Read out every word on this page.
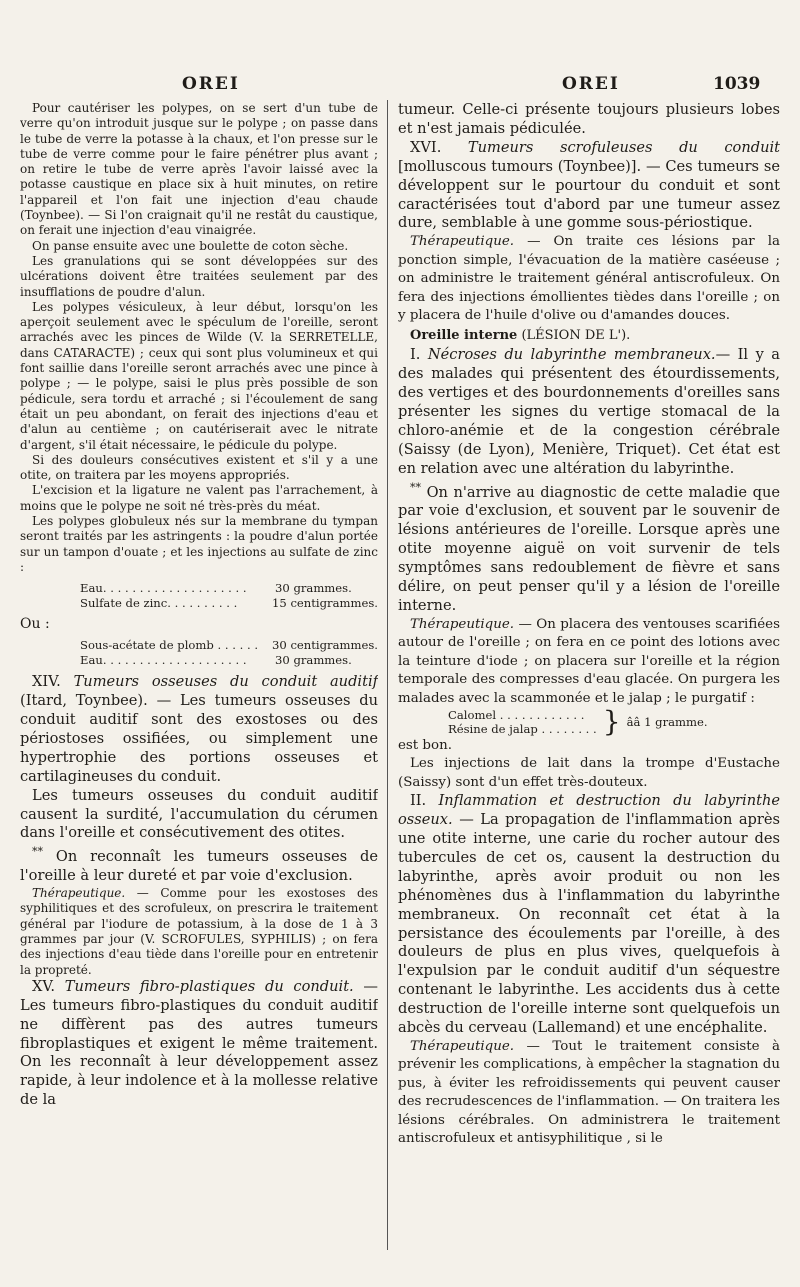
OREI	OREI	1039

Pour cautériser les polypes, on se sert d'un tube de verre qu'on introduit jusque sur le polype ; on passe dans le tube de verre la potasse à la chaux, et l'on presse sur le tube de verre comme pour le faire pénétrer plus avant ; on retire le tube de verre après l'avoir laissé avec la potasse caustique en place six à huit minutes, on retire l'appareil et l'on fait une injection d'eau chaude (Toynbee). — Si l'on craignait qu'il ne restât du caustique, on ferait une injection d'eau vinaigrée.

On panse ensuite avec une boulette de coton sèche.

Les granulations qui se sont développées sur des ulcérations doivent être traitées seulement par des insufflations de poudre d'alun.

Les polypes vésiculeux, à leur début, lorsqu'on les aperçoit seulement avec le spéculum de l'oreille, seront arrachés avec les pinces de Wilde (V. la SERRETELLE, dans CATARACTE) ; ceux qui sont plus volumineux et qui font saillie dans l'oreille seront arrachés avec une pince à polype ; — le polype, saisi le plus près possible de son pédicule, sera tordu et arraché ; si l'écoulement de sang était un peu abondant, on ferait des injections d'eau et d'alun au centième ; on cautériserait avec le nitrate d'argent, s'il était nécessaire, le pédicule du polype.

Si des douleurs consécutives existent et s'il y a une otite, on traitera par les moyens appropriés.

L'excision et la ligature ne valent pas l'arrachement, à moins que le polype ne soit né très-près du méat.

Les polypes globuleux nés sur la membrane du tympan seront traités par les astringents : la poudre d'alun portée sur un tampon d'ouate ; et les injections au sulfate de zinc :

Eau. . . . . . . . . . . . . . . . . . . .	30 grammes.
Sulfate de zinc. . . . . . . . . .	15 centigrammes.
Ou :
Sous-acétate de plomb . . . . . .	30 centigrammes.
Eau. . . . . . . . . . . . . . . . . . . .	30 grammes.

XIV. Tumeurs osseuses du conduit auditif (Itard, Toynbee). — Les tumeurs osseuses du conduit auditif sont des exostoses ou des périostoses ossifiées, ou simplement une hypertrophie des portions osseuses et cartilagineuses du conduit.

Les tumeurs osseuses du conduit auditif causent la surdité, l'accumulation du cérumen dans l'oreille et consécutivement des otites.

** On reconnaît les tumeurs osseuses de l'oreille à leur dureté et par voie d'exclusion.

Thérapeutique. — Comme pour les exostoses des syphilitiques et des scrofuleux, on prescrira le traitement général par l'iodure de potassium, à la dose de 1 à 3 grammes par jour (V. SCROFULES, SYPHILIS) ; on fera des injections d'eau tiède dans l'oreille pour en entretenir la propreté.

XV. Tumeurs fibro-plastiques du conduit. — Les tumeurs fibro-plastiques du conduit auditif ne diffèrent pas des autres tumeurs fibroplastiques et exigent le même traitement. On les reconnaît à leur développement assez rapide, à leur indolence et à la mollesse relative de la

tumeur. Celle-ci présente toujours plusieurs lobes et n'est jamais pédiculée.

XVI. Tumeurs scrofuleuses du conduit [molluscous tumours (Toynbee)]. — Ces tumeurs se développent sur le pourtour du conduit et sont caractérisées tout d'abord par une tumeur assez dure, semblable à une gomme sous-périostique.

Thérapeutique. — On traite ces lésions par la ponction simple, l'évacuation de la matière caséeuse ; on administre le traitement général antiscrofuleux. On fera des injections émollientes tièdes dans l'oreille ; on y placera de l'huile d'olive ou d'amandes douces.

Oreille interne (LÉSION DE L').

I. Nécroses du labyrinthe membraneux.— Il y a des malades qui présentent des étourdissements, des vertiges et des bourdonnements d'oreilles sans présenter les signes du vertige stomacal de la chloro-anémie et de la congestion cérébrale (Saissy (de Lyon), Menière, Triquet). Cet état est en relation avec une altération du labyrinthe.

** On n'arrive au diagnostic de cette maladie que par voie d'exclusion, et souvent par le souvenir de lésions antérieures de l'oreille. Lorsque après une otite moyenne aiguë on voit survenir de tels symptômes sans redoublement de fièvre et sans délire, on peut penser qu'il y a lésion de l'oreille interne.

Thérapeutique. — On placera des ventouses scarifiées autour de l'oreille ; on fera en ce point des lotions avec la teinture d'iode ; on placera sur l'oreille et la région temporale des compresses d'eau glacée. On purgera les malades avec la scammonée et le jalap ; le purgatif :

Calomel . . . . . . . . . . . .
Résine de jalap . . . . . . . . } ââ 1 gramme.

est bon.

Les injections de lait dans la trompe d'Eustache (Saissy) sont d'un effet très-douteux.

II. Inflammation et destruction du labyrinthe osseux. — La propagation de l'inflammation après une otite interne, une carie du rocher autour des tubercules de cet os, causent la destruction du labyrinthe, après avoir produit ou non les phénomènes dus à l'inflammation du labyrinthe membraneux. On reconnaît cet état à la persistance des écoulements par l'oreille, à des douleurs de plus en plus vives, quelquefois à l'expulsion par le conduit auditif d'un séquestre contenant le labyrinthe. Les accidents dus à cette destruction de l'oreille interne sont quelquefois un abcès du cerveau (Lallemand) et une encéphalite.

Thérapeutique. — Tout le traitement consiste à prévenir les complications, à empêcher la stagnation du pus, à éviter les refroidissements qui peuvent causer des recrudescences de l'inflammation. — On traitera les lésions cérébrales. On administrera le traitement antiscrofuleux et antisyphilitique , si le
